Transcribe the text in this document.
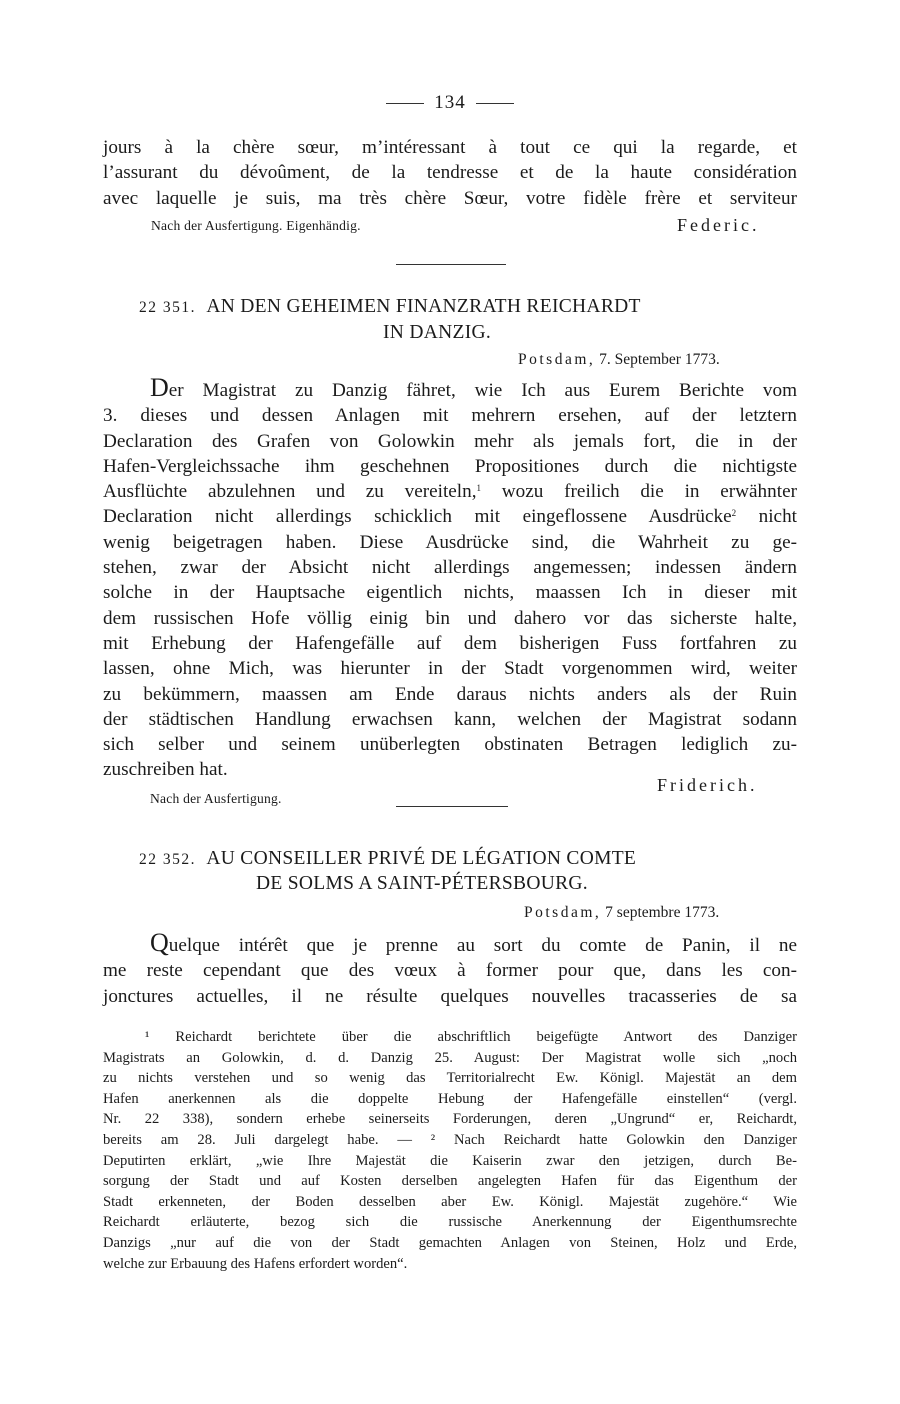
134
jours à la chère sœur, m’intéressant à tout ce qui la regarde, et
l’assurant du dévoûment, de la tendresse et de la haute considération
avec laquelle je suis, ma très chère Sœur, votre fidèle frère et serviteur
Nach der Ausfertigung. Eigenhändig.	Federic.
22 351. AN DEN GEHEIMEN FINANZRATH REICHARDT
IN DANZIG.
Potsdam, 7. September 1773.
Der Magistrat zu Danzig fähret, wie Ich aus Eurem Berichte vom
3. dieses und dessen Anlagen mit mehrern ersehen, auf der letztern
Declaration des Grafen von Golowkin mehr als jemals fort, die in der
Hafen-Vergleichssache ihm geschehnen Propositiones durch die nichtigste
Ausflüchte abzulehnen und zu vereiteln,$^1$ wozu freilich die in erwähnter
Declaration nicht allerdings schicklich mit eingeflossene Ausdrücke$^2$ nicht
wenig beigetragen haben. Diese Ausdrücke sind, die Wahrheit zu ge-
stehen, zwar der Absicht nicht allerdings angemessen; indessen ändern
solche in der Hauptsache eigentlich nichts, maassen Ich in dieser mit
dem russischen Hofe völlig einig bin und dahero vor das sicherste halte,
mit Erhebung der Hafengefälle auf dem bisherigen Fuss fortfahren zu
lassen, ohne Mich, was hierunter in der Stadt vorgenommen wird, weiter
zu bekümmern, maassen am Ende daraus nichts anders als der Ruin
der städtischen Handlung erwachsen kann, welchen der Magistrat sodann
sich selber und seinem unüberlegten obstinaten Betragen lediglich zu-
zuschreiben hat.
Friderich.
Nach der Ausfertigung.
22 352. AU CONSEILLER PRIVÉ DE LÉGATION COMTE
DE SOLMS A SAINT-PÉTERSBOURG.
Potsdam, 7 septembre 1773.
Quelque intérêt que je prenne au sort du comte de Panin, il ne
me reste cependant que des vœux à former pour que, dans les con-
jonctures actuelles, il ne résulte quelques nouvelles tracasseries de sa
¹ Reichardt berichtete über die abschriftlich beigefügte Antwort des Danziger
Magistrats an Golowkin, d. d. Danzig 25. August: Der Magistrat wolle sich „noch
zu nichts verstehen und so wenig das Territorialrecht Ew. Königl. Majestät an dem
Hafen anerkennen als die doppelte Hebung der Hafengefälle einstellen“ (vergl.
Nr. 22 338), sondern erhebe seinerseits Forderungen, deren „Ungrund“ er, Reichardt,
bereits am 28. Juli dargelegt habe. — ² Nach Reichardt hatte Golowkin den Danziger
Deputirten erklärt, „wie Ihre Majestät die Kaiserin zwar den jetzigen, durch Be-
sorgung der Stadt und auf Kosten derselben angelegten Hafen für das Eigenthum der
Stadt erkenneten, der Boden desselben aber Ew. Königl. Majestät zugehöre.“ Wie
Reichardt erläuterte, bezog sich die russische Anerkennung der Eigenthumsrechte
Danzigs „nur auf die von der Stadt gemachten Anlagen von Steinen, Holz und Erde,
welche zur Erbauung des Hafens erfordert worden“.
